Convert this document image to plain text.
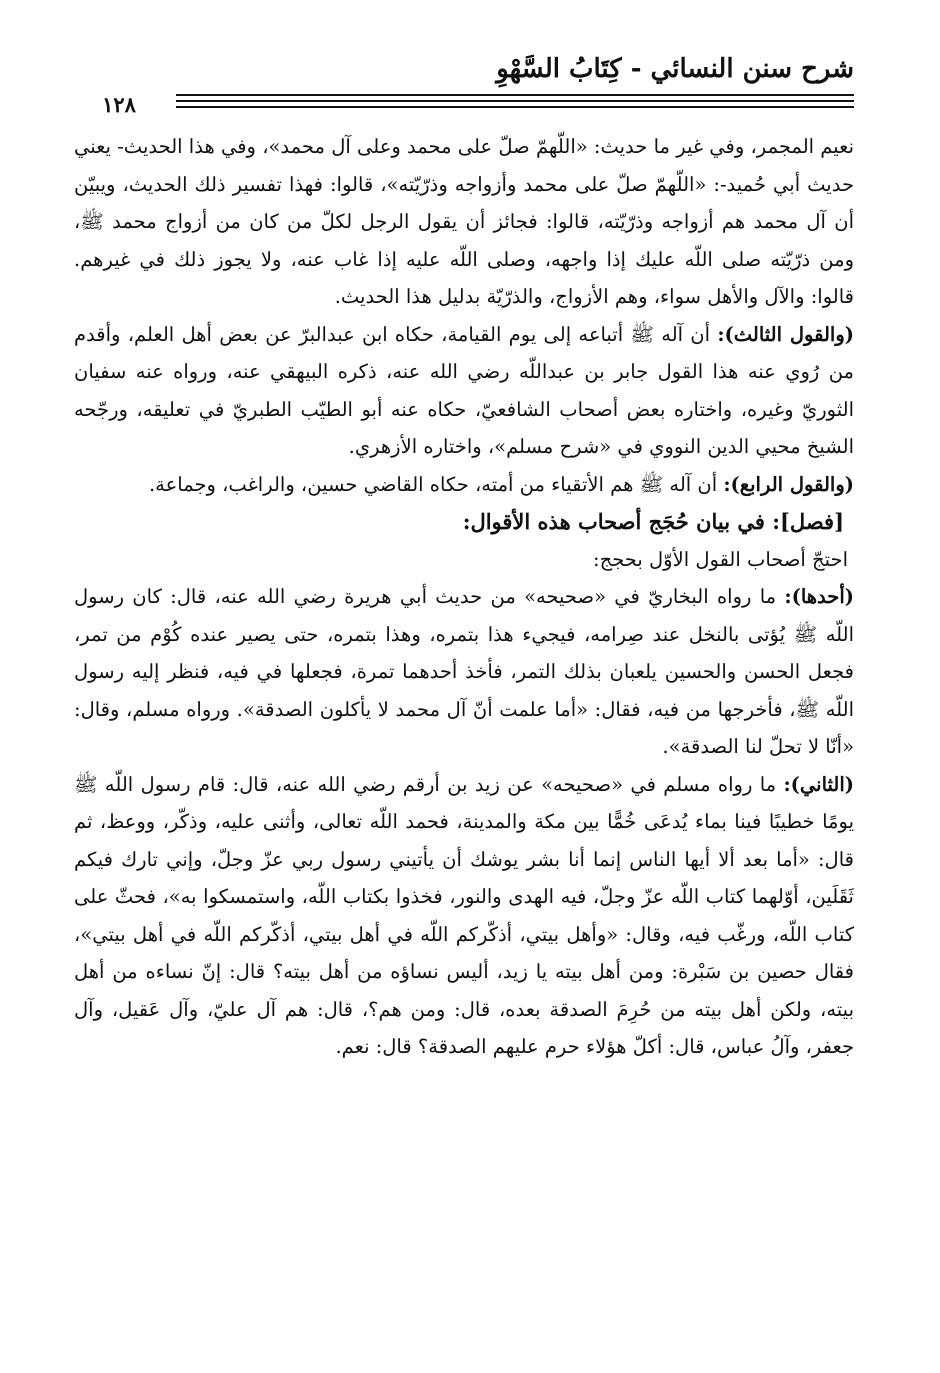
شرح سنن النسائي - كِتَابُ السَّهْوِ
١٢٨

نعيم المجمر، وفي غير ما حديث: «اللّهمّ صلّ على محمد وعلى آل محمد»، وفي هذا الحديث- يعني حديث أبي حُميد-: «اللّهمّ صلّ على محمد وأزواجه وذرّيّته»، قالوا: فهذا تفسير ذلك الحديث، ويبيّن أن آل محمد هم أزواجه وذرّيّته، قالوا: فجائز أن يقول الرجل لكلّ من كان من أزواج محمد ﷺ، ومن ذرّيّته صلى اللّه عليك إذا واجهه، وصلى اللّه عليه إذا غاب عنه، ولا يجوز ذلك في غيرهم. قالوا: والآل والأهل سواء، وهم الأزواج، والذرّيّة بدليل هذا الحديث.

(والقول الثالث): أن آله ﷺ أتباعه إلى يوم القيامة، حكاه ابن عبدالبرّ عن بعض أهل العلم، وأقدم من رُوي عنه هذا القول جابر بن عبداللّه رضي الله عنه، ذكره البيهقي عنه، ورواه عنه سفيان الثوريّ وغيره، واختاره بعض أصحاب الشافعيّ، حكاه عنه أبو الطيّب الطبريّ في تعليقه، ورجّحه الشيخ محيي الدين النووي في «شرح مسلم»، واختاره الأزهري.

(والقول الرابع): أن آله ﷺ هم الأتقياء من أمته، حكاه القاضي حسين، والراغب، وجماعة.

[فصل]: في بيان حُجَج أصحاب هذه الأقوال:

احتجّ أصحاب القول الأوّل بحجج:

(أحدها): ما رواه البخاريّ في «صحيحه» من حديث أبي هريرة رضي الله عنه، قال: كان رسول اللّه ﷺ يُؤتى بالنخل عند صِرامه، فيجيء هذا بتمره، وهذا بتمره، حتى يصير عنده كُوْم من تمر، فجعل الحسن والحسين يلعبان بذلك التمر، فأخذ أحدهما تمرة، فجعلها في فيه، فنظر إليه رسول اللّه ﷺ، فأخرجها من فيه، فقال: «أما علمت أنّ آل محمد لا يأكلون الصدقة». ورواه مسلم، وقال: «أنّا لا تحلّ لنا الصدقة».

(الثاني): ما رواه مسلم في «صحيحه» عن زيد بن أرقم رضي الله عنه، قال: قام رسول اللّه ﷺ يومًا خطيبًا فينا بماء يُدعَى خُمًّا بين مكة والمدينة، فحمد اللّه تعالى، وأثنى عليه، وذكّر، ووعظ، ثم قال: «أما بعد ألا أيها الناس إنما أنا بشر يوشك أن يأتيني رسول ربي عزّ وجلّ، وإني تارك فيكم ثَقَلَين، أوّلهما كتاب اللّه عزّ وجلّ، فيه الهدى والنور، فخذوا بكتاب اللّه، واستمسكوا به»، فحثّ على كتاب اللّه، ورغّب فيه، وقال: «وأهل بيتي، أذكّركم اللّه في أهل بيتي، أذكّركم اللّه في أهل بيتي»، فقال حصين بن سَبْرة: ومن أهل بيته يا زيد، أليس نساؤه من أهل بيته؟ قال: إنّ نساءه من أهل بيته، ولكن أهل بيته من حُرِمَ الصدقة بعده، قال: ومن هم؟، قال: هم آل عليّ، وآل عَقيل، وآل جعفر، وآلُ عباس، قال: أكلّ هؤلاء حرم عليهم الصدقة؟ قال: نعم.
